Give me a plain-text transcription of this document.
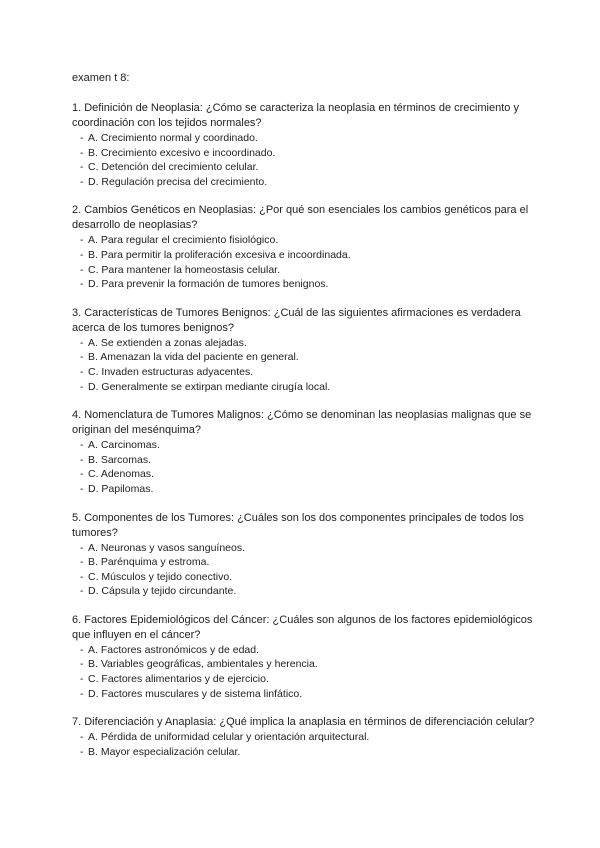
examen t 8:

1. Definición de Neoplasia: ¿Cómo se caracteriza la neoplasia en términos de crecimiento y coordinación con los tejidos normales?

- A. Crecimiento normal y coordinado.
- B. Crecimiento excesivo e incoordinado.
- C. Detención del crecimiento celular.
- D. Regulación precisa del crecimiento.

2. Cambios Genéticos en Neoplasias: ¿Por qué son esenciales los cambios genéticos para el desarrollo de neoplasias?

- A. Para regular el crecimiento fisiológico.
- B. Para permitir la proliferación excesiva e incoordinada.
- C. Para mantener la homeostasis celular.
- D. Para prevenir la formación de tumores benignos.

3. Características de Tumores Benignos: ¿Cuál de las siguientes afirmaciones es verdadera acerca de los tumores benignos?

- A. Se extienden a zonas alejadas.
- B. Amenazan la vida del paciente en general.
- C. Invaden estructuras adyacentes.
- D. Generalmente se extirpan mediante cirugía local.

4. Nomenclatura de Tumores Malignos: ¿Cómo se denominan las neoplasias malignas que se originan del mesénquima?

- A. Carcinomas.
- B. Sarcomas.
- C. Adenomas.
- D. Papilomas.

5. Componentes de los Tumores: ¿Cuáles son los dos componentes principales de todos los tumores?

- A. Neuronas y vasos sanguíneos.
- B. Parénquima y estroma.
- C. Músculos y tejido conectivo.
- D. Cápsula y tejido circundante.

6. Factores Epidemiológicos del Cáncer: ¿Cuáles son algunos de los factores epidemiológicos que influyen en el cáncer?

- A. Factores astronómicos y de edad.
- B. Variables geográficas, ambientales y herencia.
- C. Factores alimentarios y de ejercicio.
- D. Factores musculares y de sistema linfático.

7. Diferenciación y Anaplasia: ¿Qué implica la anaplasia en términos de diferenciación celular?

- A. Pérdida de uniformidad celular y orientación arquitectural.
- B. Mayor especialización celular.
